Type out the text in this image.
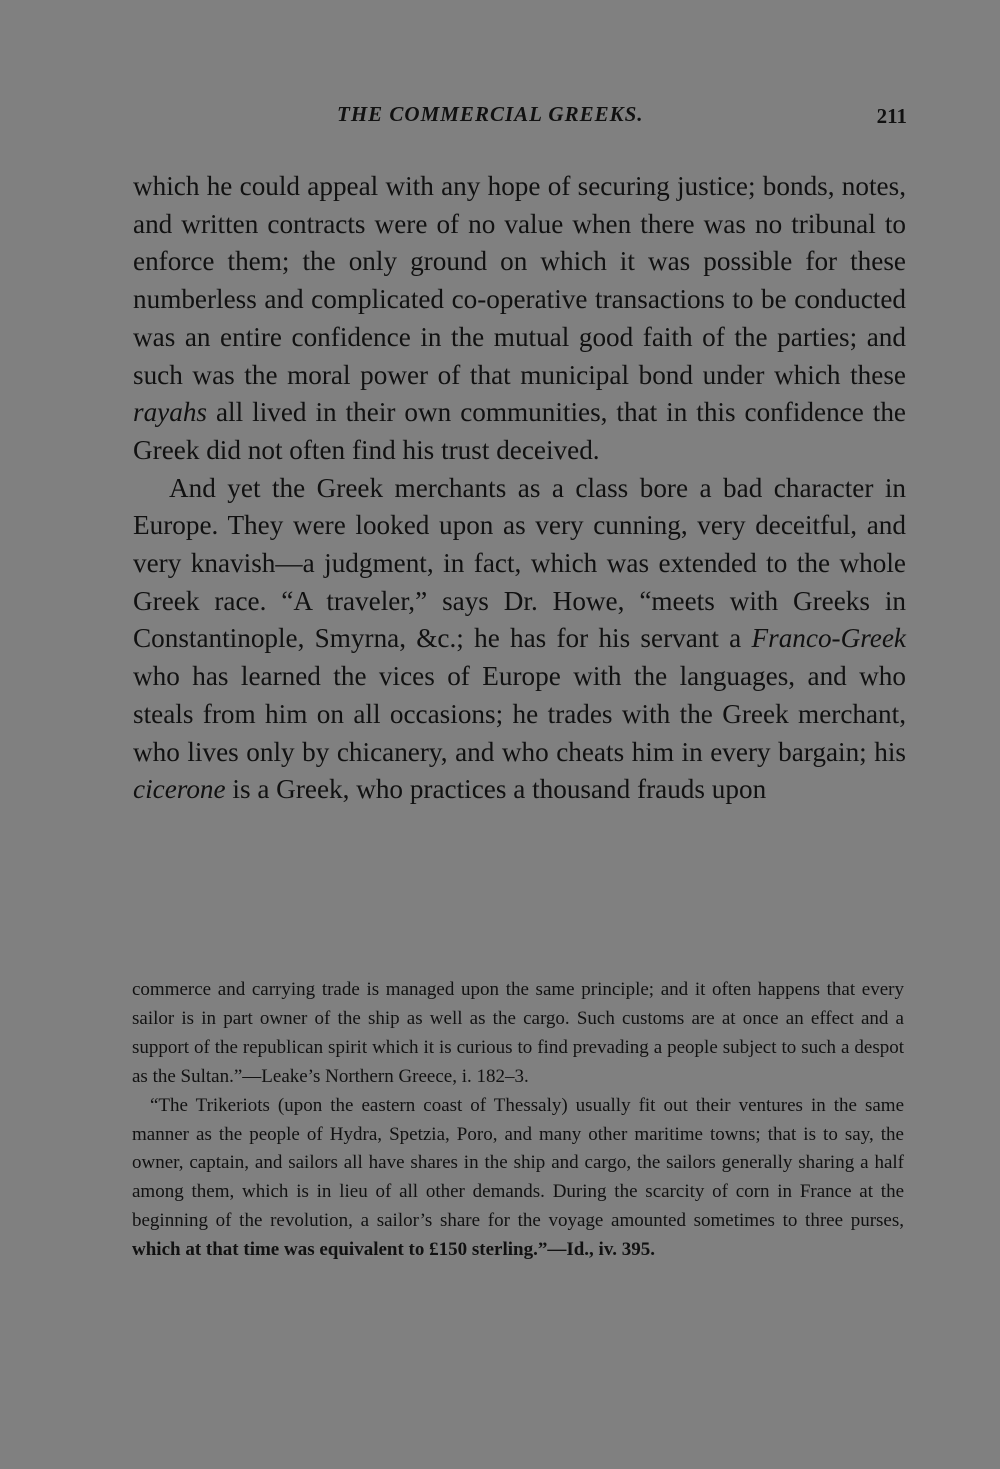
THE COMMERCIAL GREEKS.	211

which he could appeal with any hope of securing justice; bonds, notes, and written contracts were of no value when there was no tribunal to enforce them; the only ground on which it was possible for these numberless and complicated co-operative transactions to be conducted was an entire confidence in the mutual good faith of the parties; and such was the moral power of that municipal bond under which these rayahs all lived in their own communities, that in this confidence the Greek did not often find his trust deceived.

And yet the Greek merchants as a class bore a bad character in Europe. They were looked upon as very cunning, very deceitful, and very knavish—a judgment, in fact, which was extended to the whole Greek race. “A traveler,” says Dr. Howe, “meets with Greeks in Constantinople, Smyrna, &c.; he has for his servant a Franco-Greek who has learned the vices of Europe with the languages, and who steals from him on all occasions; he trades with the Greek merchant, who lives only by chicanery, and who cheats him in every bargain; his cicerone is a Greek, who practices a thousand frauds upon

commerce and carrying trade is managed upon the same principle; and it often happens that every sailor is in part owner of the ship as well as the cargo. Such customs are at once an effect and a support of the republican spirit which it is curious to find prevading a people subject to such a despot as the Sultan.”—Leake’s Northern Greece, i. 182–3.

“The Trikeriots (upon the eastern coast of Thessaly) usually fit out their ventures in the same manner as the people of Hydra, Spetzia, Poro, and many other maritime towns; that is to say, the owner, captain, and sailors all have shares in the ship and cargo, the sailors generally sharing a half among them, which is in lieu of all other demands. During the scarcity of corn in France at the beginning of the revolution, a sailor’s share for the voyage amounted sometimes to three purses, which at that time was equivalent to £150 sterling.”—Id., iv. 395.
